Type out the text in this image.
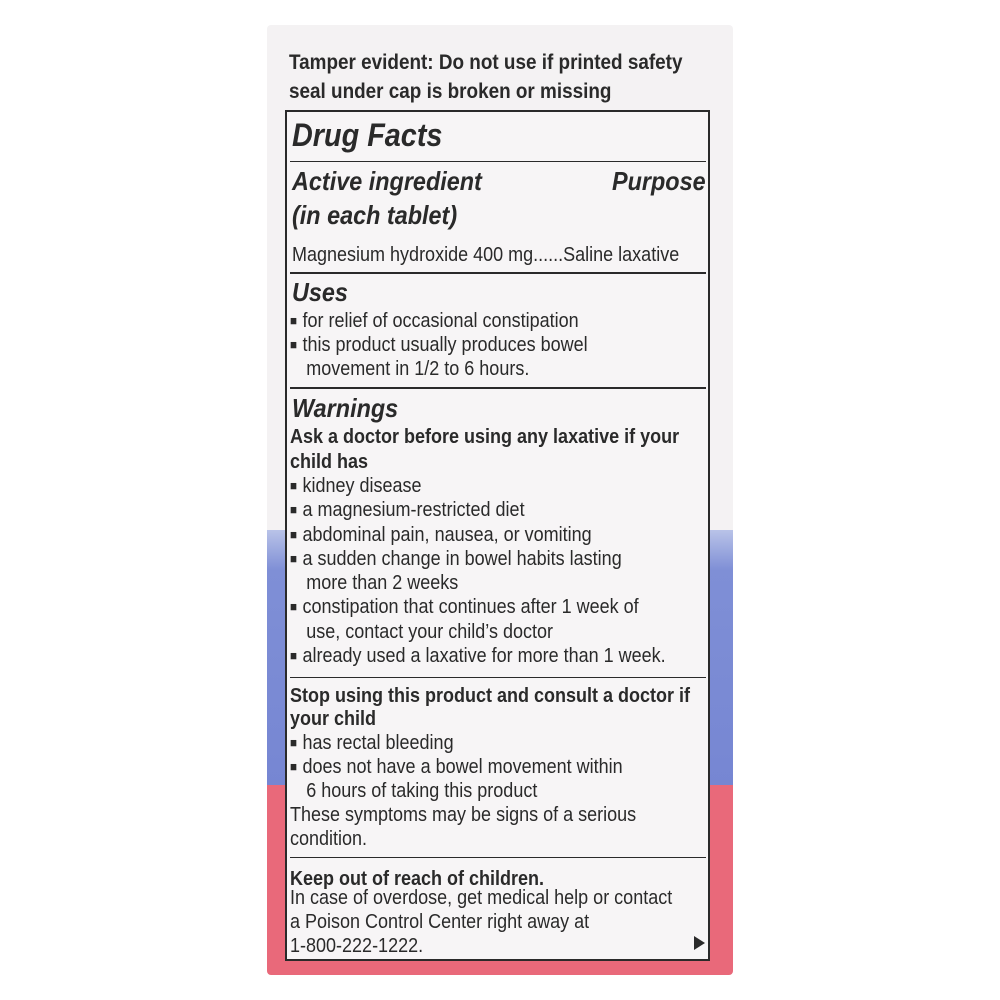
Tamper evident: Do not use if printed safety
seal under cap is broken or missing
Drug Facts
Active ingredient	Purpose
(in each tablet)
Magnesium hydroxide 400 mg......Saline laxative
Uses
■ for relief of occasional constipation
■ this product usually produces bowel
movement in 1/2 to 6 hours.
Warnings
Ask a doctor before using any laxative if your
child has
■ kidney disease
■ a magnesium-restricted diet
■ abdominal pain, nausea, or vomiting
■ a sudden change in bowel habits lasting
more than 2 weeks
■ constipation that continues after 1 week of
use, contact your child’s doctor
■ already used a laxative for more than 1 week.
Stop using this product and consult a doctor if
your child
■ has rectal bleeding
■ does not have a bowel movement within
6 hours of taking this product
These symptoms may be signs of a serious
condition.
Keep out of reach of children.
In case of overdose, get medical help or contact
a Poison Control Center right away at
1-800-222-1222.
